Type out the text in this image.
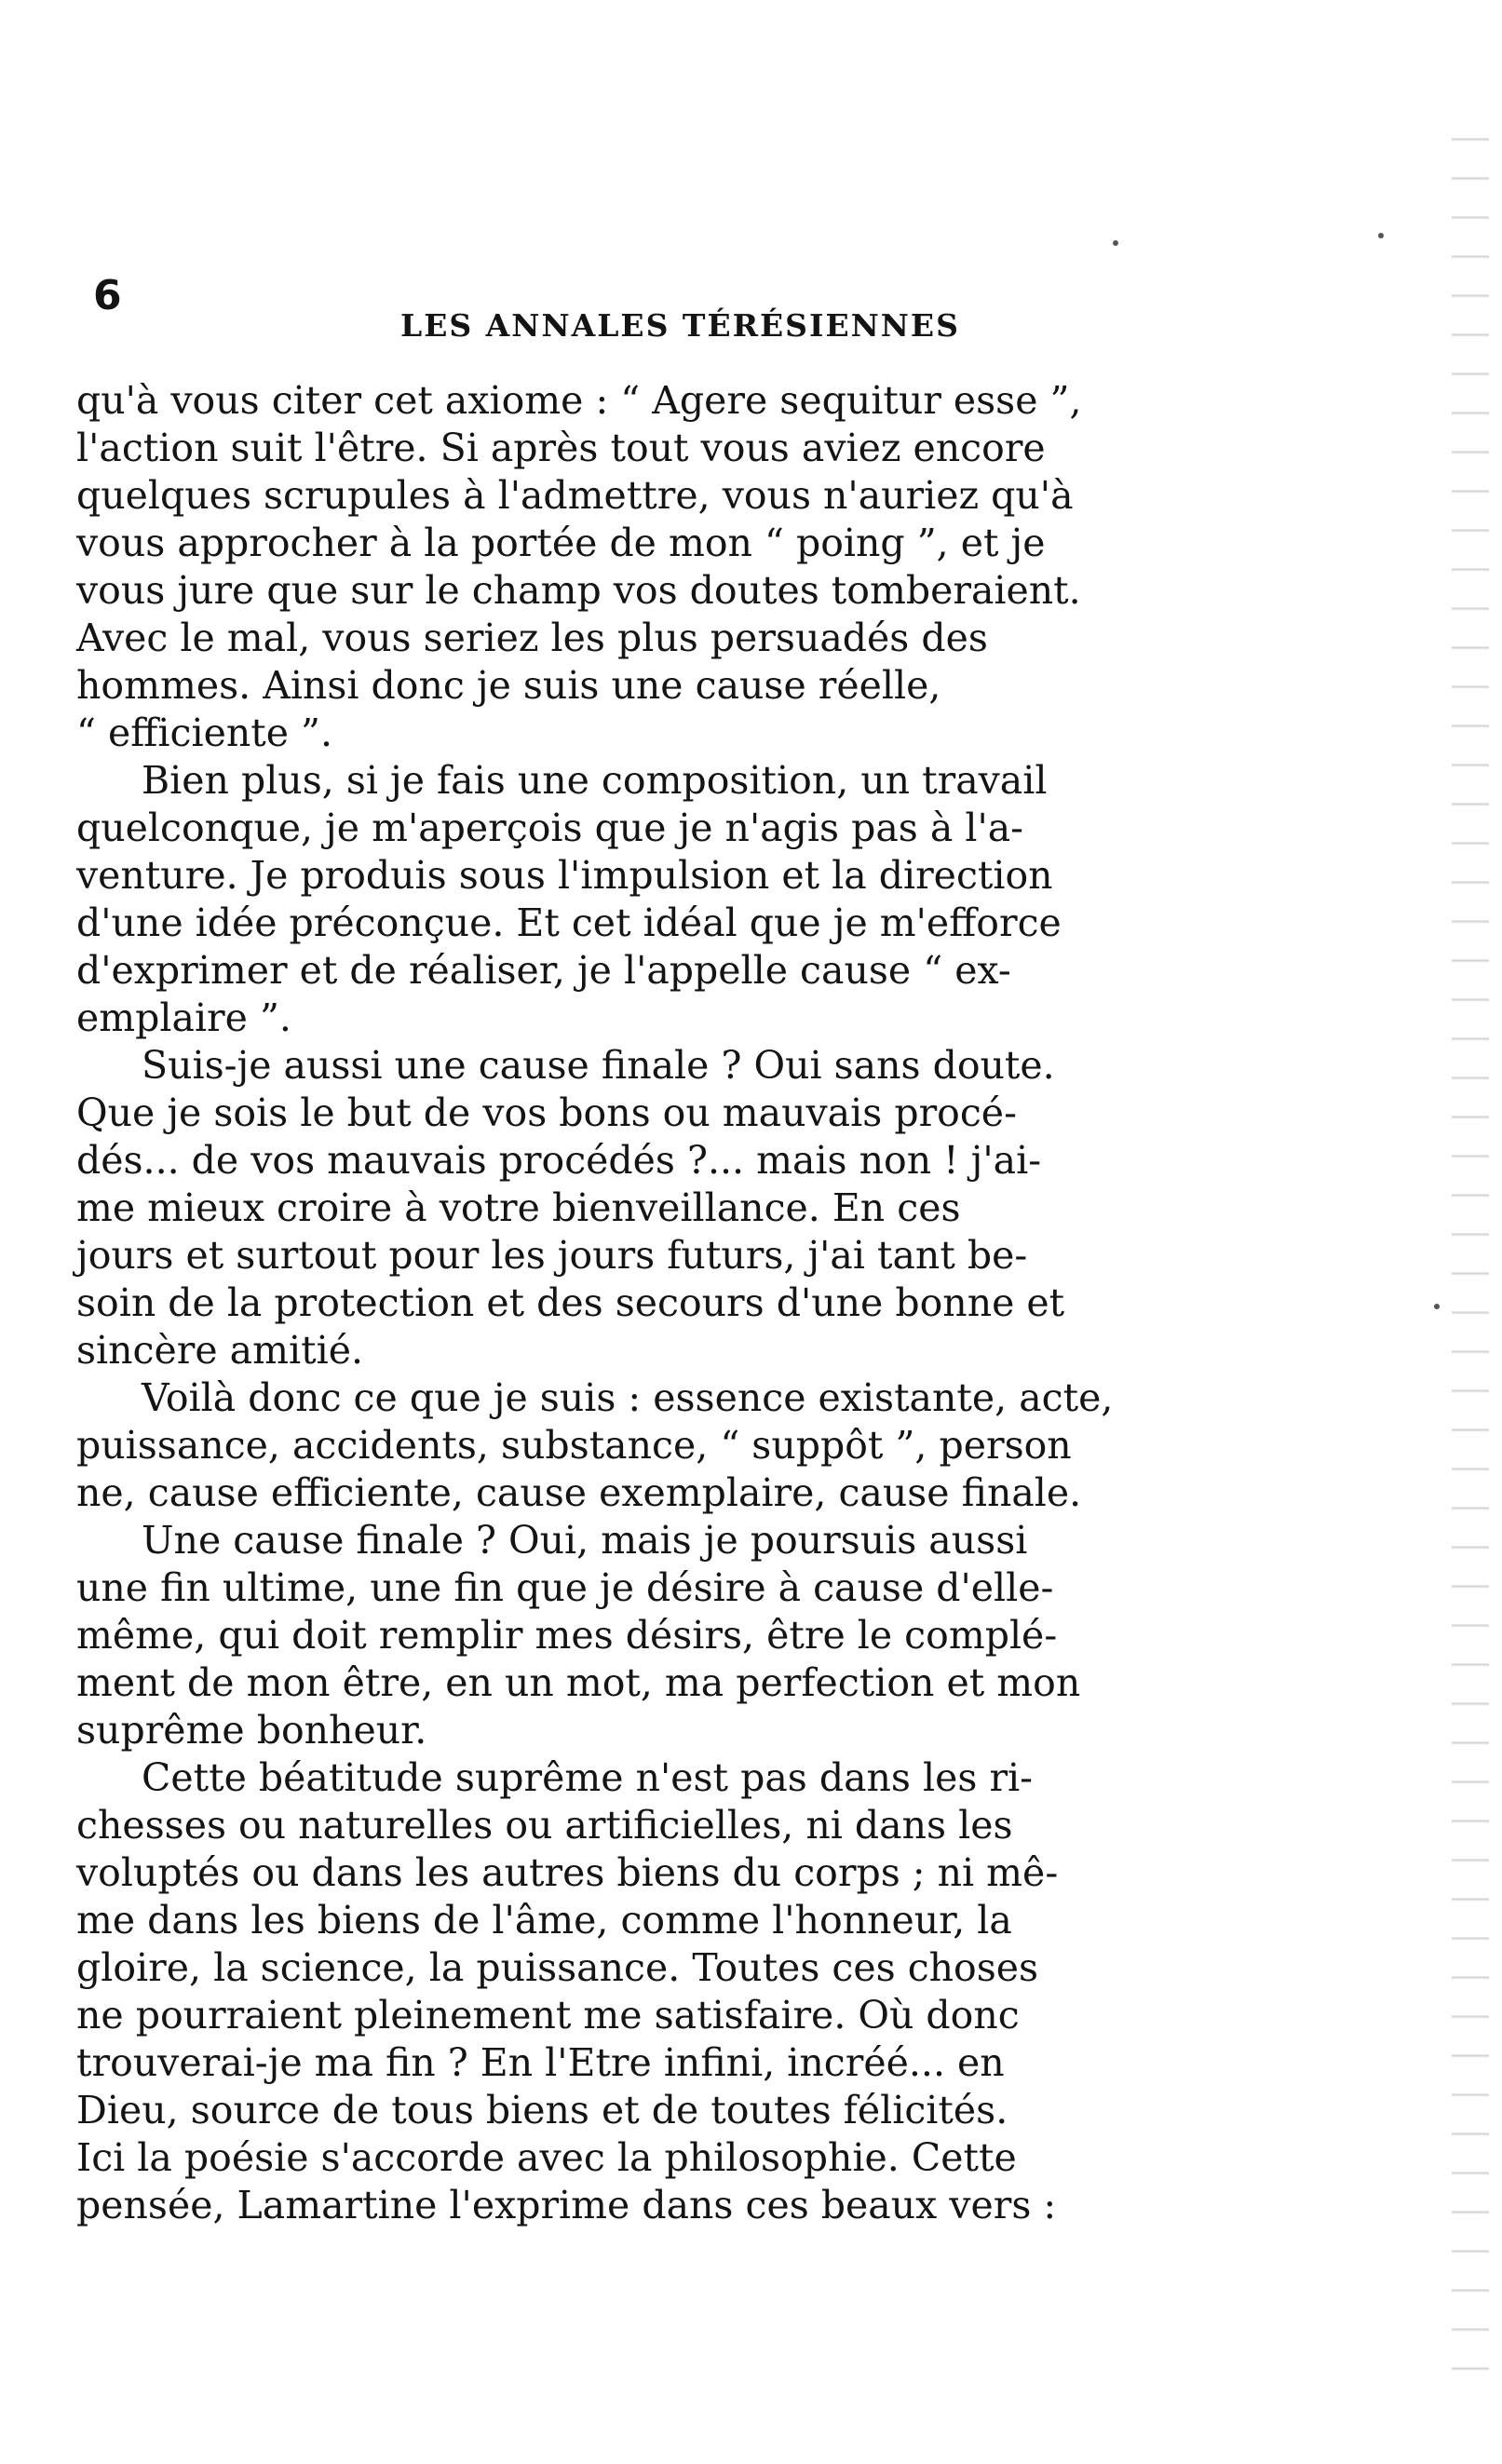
6
LES ANNALES TÉRÉSIENNES

qu'à vous citer cet axiome : “ Agere sequitur esse ”,
l'action suit l'être. Si après tout vous aviez encore
quelques scrupules à l'admettre, vous n'auriez qu'à
vous approcher à la portée de mon “ poing ”, et je
vous jure que sur le champ vos doutes tomberaient.
Avec le mal, vous seriez les plus persuadés des
hommes. Ainsi donc je suis une cause réelle,
“ efficiente ”.

Bien plus, si je fais une composition, un travail
quelconque, je m'aperçois que je n'agis pas à l'a-
venture. Je produis sous l'impulsion et la direction
d'une idée préconçue. Et cet idéal que je m'efforce
d'exprimer et de réaliser, je l'appelle cause “ ex-
emplaire ”.

Suis-je aussi une cause finale ? Oui sans doute.
Que je sois le but de vos bons ou mauvais procé-
dés... de vos mauvais procédés ?... mais non ! j'ai-
me mieux croire à votre bienveillance. En ces
jours et surtout pour les jours futurs, j'ai tant be-
soin de la protection et des secours d'une bonne et
sincère amitié.

Voilà donc ce que je suis : essence existante, acte,
puissance, accidents, substance, “ suppôt ”, person
ne, cause efficiente, cause exemplaire, cause finale.

Une cause finale ? Oui, mais je poursuis aussi
une fin ultime, une fin que je désire à cause d'elle-
même, qui doit remplir mes désirs, être le complé-
ment de mon être, en un mot, ma perfection et mon
suprême bonheur.

Cette béatitude suprême n'est pas dans les ri-
chesses ou naturelles ou artificielles, ni dans les
voluptés ou dans les autres biens du corps ; ni mê-
me dans les biens de l'âme, comme l'honneur, la
gloire, la science, la puissance. Toutes ces choses
ne pourraient pleinement me satisfaire. Où donc
trouverai-je ma fin ? En l'Etre infini, incréé... en
Dieu, source de tous biens et de toutes félicités.
Ici la poésie s'accorde avec la philosophie. Cette
pensée, Lamartine l'exprime dans ces beaux vers :
